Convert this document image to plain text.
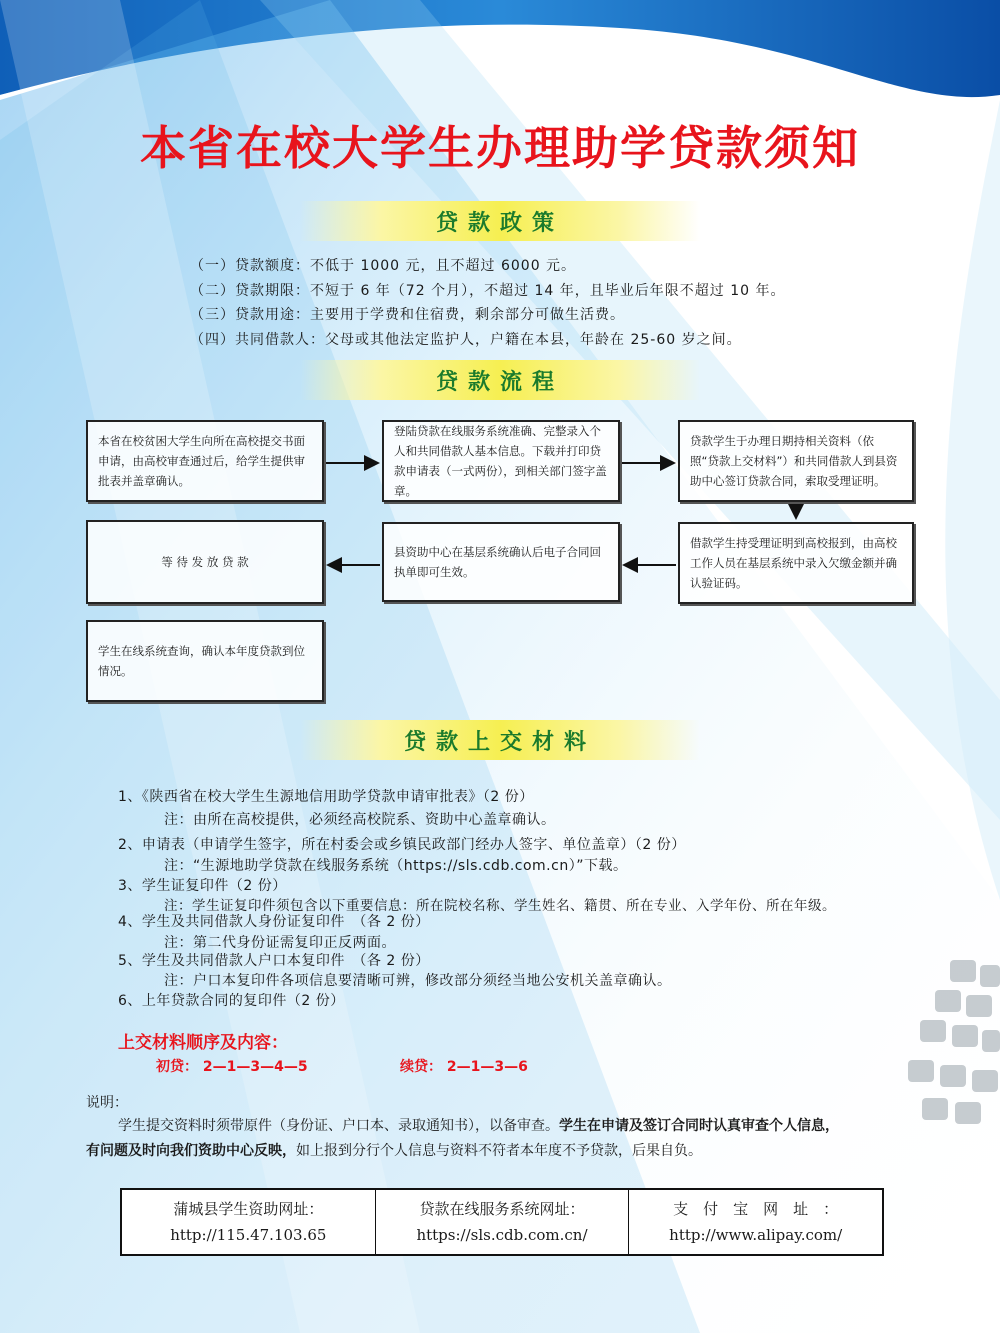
本省在校大学生办理助学贷款须知
贷款政策
（一）贷款额度：不低于 1000 元，且不超过 6000 元。
（二）贷款期限：不短于 6 年（72 个月），不超过 14 年，且毕业后年限不超过 10 年。
（三）贷款用途：主要用于学费和住宿费，剩余部分可做生活费。
（四）共同借款人：父母或其他法定监护人，户籍在本县，年龄在 25-60 岁之间。
贷款流程
本省在校贫困大学生向所在高校提交书面申请，由高校审查通过后，给学生提供审批表并盖章确认。
登陆贷款在线服务系统准确、完整录入个人和共同借款人基本信息。下载并打印贷款申请表（一式两份），到相关部门签字盖章。
贷款学生于办理日期持相关资料（依照“贷款上交材料”）和共同借款人到县资助中心签订贷款合同，索取受理证明。
借款学生持受理证明到高校报到，由高校工作人员在基层系统中录入欠缴金额并确认验证码。
县资助中心在基层系统确认后电子合同回执单即可生效。
等 待 发 放 贷 款
学生在线系统查询，确认本年度贷款到位情况。
贷款上交材料
1、《陕西省在校大学生生源地信用助学贷款申请审批表》（2 份）
注：由所在高校提供，必须经高校院系、资助中心盖章确认。
2、申请表（申请学生签字，所在村委会或乡镇民政部门经办人签字、单位盖章）（2 份）
注：“生源地助学贷款在线服务系统（https://sls.cdb.com.cn）”下载。
3、学生证复印件（2 份）
注：学生证复印件须包含以下重要信息：所在院校名称、学生姓名、籍贯、所在专业、入学年份、所在年级。
4、学生及共同借款人身份证复印件　（各 2 份）
注：第二代身份证需复印正反两面。
5、学生及共同借款人户口本复印件　（各 2 份）
注：户口本复印件各项信息要清晰可辨，修改部分须经当地公安机关盖章确认。
6、上年贷款合同的复印件（2 份）
上交材料顺序及内容：
初贷： 2—1—3—4—5	续贷： 2—1—3—6
说明：
学生提交资料时须带原件（身份证、户口本、录取通知书），以备审查。学生在申请及签订合同时认真审查个人信息，
有问题及时向我们资助中心反映，如上报到分行个人信息与资料不符者本年度不予贷款，后果自负。
蒲城县学生资助网址：
http://115.47.103.65
贷款在线服务系统网址：
https://sls.cdb.com.cn/
支　付　宝　网　址　：
http://www.alipay.com/
